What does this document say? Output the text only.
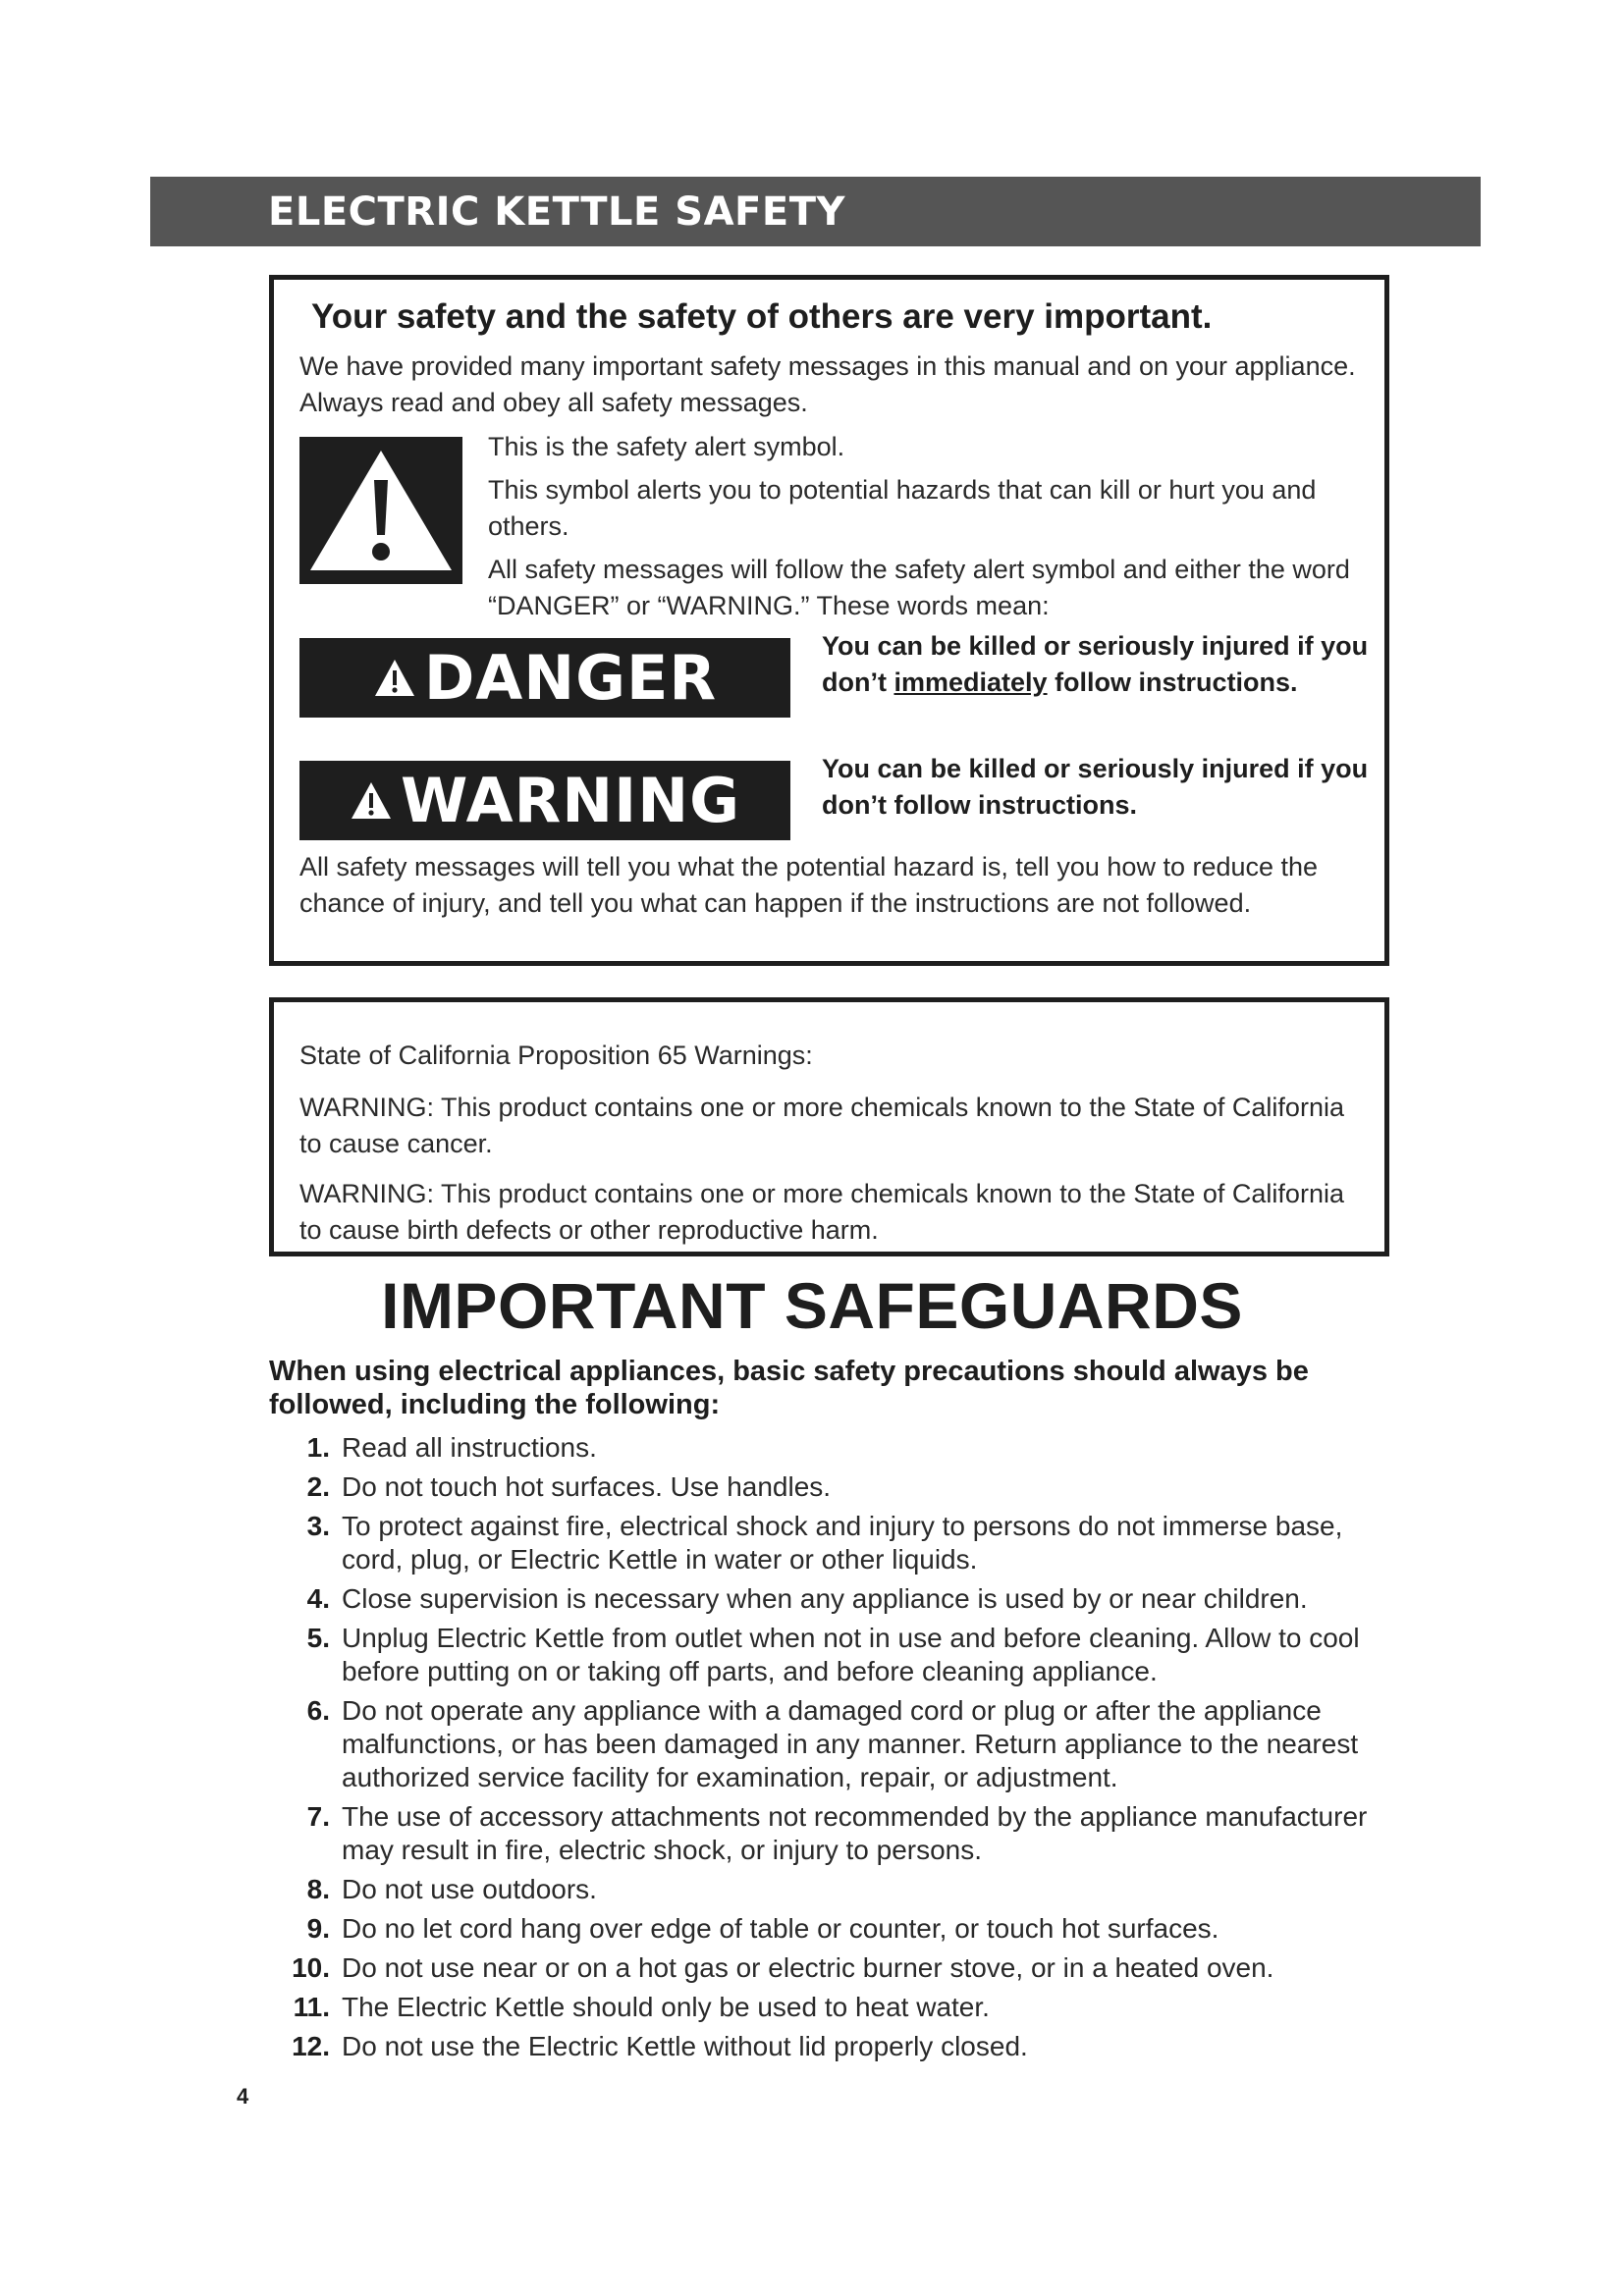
ELECTRIC KETTLE SAFETY

Your safety and the safety of others are very important.

We have provided many important safety messages in this manual and on your appliance. Always read and obey all safety messages.

This is the safety alert symbol.

This symbol alerts you to potential hazards that can kill or hurt you and others.

All safety messages will follow the safety alert symbol and either the word “DANGER” or “WARNING.” These words mean:

DANGER	You can be killed or seriously injured if you don’t immediately follow instructions.

WARNING	You can be killed or seriously injured if you don’t follow instructions.

All safety messages will tell you what the potential hazard is, tell you how to reduce the chance of injury, and tell you what can happen if the instructions are not followed.

State of California Proposition 65 Warnings:

WARNING: This product contains one or more chemicals known to the State of California to cause cancer.

WARNING: This product contains one or more chemicals known to the State of California to cause birth defects or other reproductive harm.

IMPORTANT SAFEGUARDS

When using electrical appliances, basic safety precautions should always be followed, including the following:

1. Read all instructions.
2. Do not touch hot surfaces. Use handles.
3. To protect against fire, electrical shock and injury to persons do not immerse base, cord, plug, or Electric Kettle in water or other liquids.
4. Close supervision is necessary when any appliance is used by or near children.
5. Unplug Electric Kettle from outlet when not in use and before cleaning. Allow to cool before putting on or taking off parts, and before cleaning appliance.
6. Do not operate any appliance with a damaged cord or plug or after the appliance malfunctions, or has been damaged in any manner. Return appliance to the nearest authorized service facility for examination, repair, or adjustment.
7. The use of accessory attachments not recommended by the appliance manufacturer may result in fire, electric shock, or injury to persons.
8. Do not use outdoors.
9. Do no let cord hang over edge of table or counter, or touch hot surfaces.
10. Do not use near or on a hot gas or electric burner stove, or in a heated oven.
11. The Electric Kettle should only be used to heat water.
12. Do not use the Electric Kettle without lid properly closed.

4
